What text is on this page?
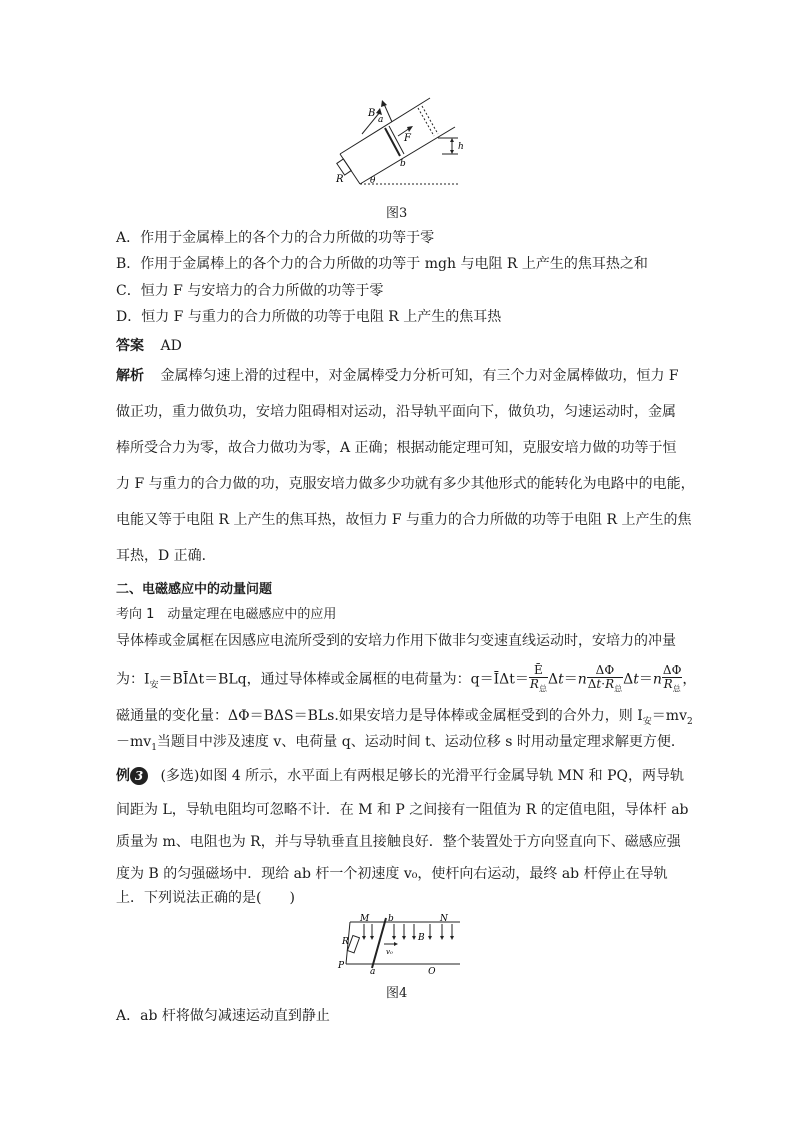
B
a
F
b
h
R	θ
图3
A．作用于金属棒上的各个力的合力所做的功等于零
B．作用于金属棒上的各个力的合力所做的功等于 mgh 与电阻 R 上产生的焦耳热之和
C．恒力 F 与安培力的合力所做的功等于零
D．恒力 F 与重力的合力所做的功等于电阻 R 上产生的焦耳热
答案 AD
解析 金属棒匀速上滑的过程中，对金属棒受力分析可知，有三个力对金属棒做功，恒力 F
做正功，重力做负功，安培力阻碍相对运动，沿导轨平面向下，做负功，匀速运动时，金属
棒所受合力为零，故合力做功为零，A 正确；根据动能定理可知，克服安培力做的功等于恒
力 F 与重力的合力做的功，克服安培力做多少功就有多少其他形式的能转化为电路中的电能，
电能又等于电阻 R 上产生的焦耳热，故恒力 F 与重力的合力所做的功等于电阻 R 上产生的焦
耳热，D 正确．
二、电磁感应中的动量问题
考向 1　动量定理在电磁感应中的应用
导体棒或金属框在因感应电流所受到的安培力作用下做非匀变速直线运动时，安培力的冲量
为：$I_安=BĪ\Delta t=BLq$，通过导体棒或金属框的电荷量为：q＝ĪΔt＝ $\frac{Ē}{R_总} \Delta t=n \frac{\Delta\Phi}{\Delta t\cdot R_总} \Delta t=n \frac{\Delta\Phi}{R_总}$ ，
磁通量的变化量：ΔΦ＝BΔS＝BLs.如果安培力是导体棒或金属框受到的合外力，则 $I_安=mv_2$
$-mv_1$当题目中涉及速度 v、电荷量 q、运动时间 t、运动位移 s 时用动量定理求解更方便．
例 3 (多选)如图 4 所示，水平面上有两根足够长的光滑平行金属导轨 MN 和 PQ，两导轨
间距为 L，导轨电阻均可忽略不计．在 M 和 P 之间接有一阻值为 R 的定值电阻，导体杆 ab
质量为 m、电阻也为 R，并与导轨垂直且接触良好．整个装置处于方向竖直向下、磁感应强
度为 B 的匀强磁场中．现给 ab 杆一个初速度 v₀，使杆向右运动，最终 ab 杆停止在导轨
上．下列说法正确的是(　　)
M b	N
R
v₀
B
P
a	Q
图4
A．ab 杆将做匀减速运动直到静止
